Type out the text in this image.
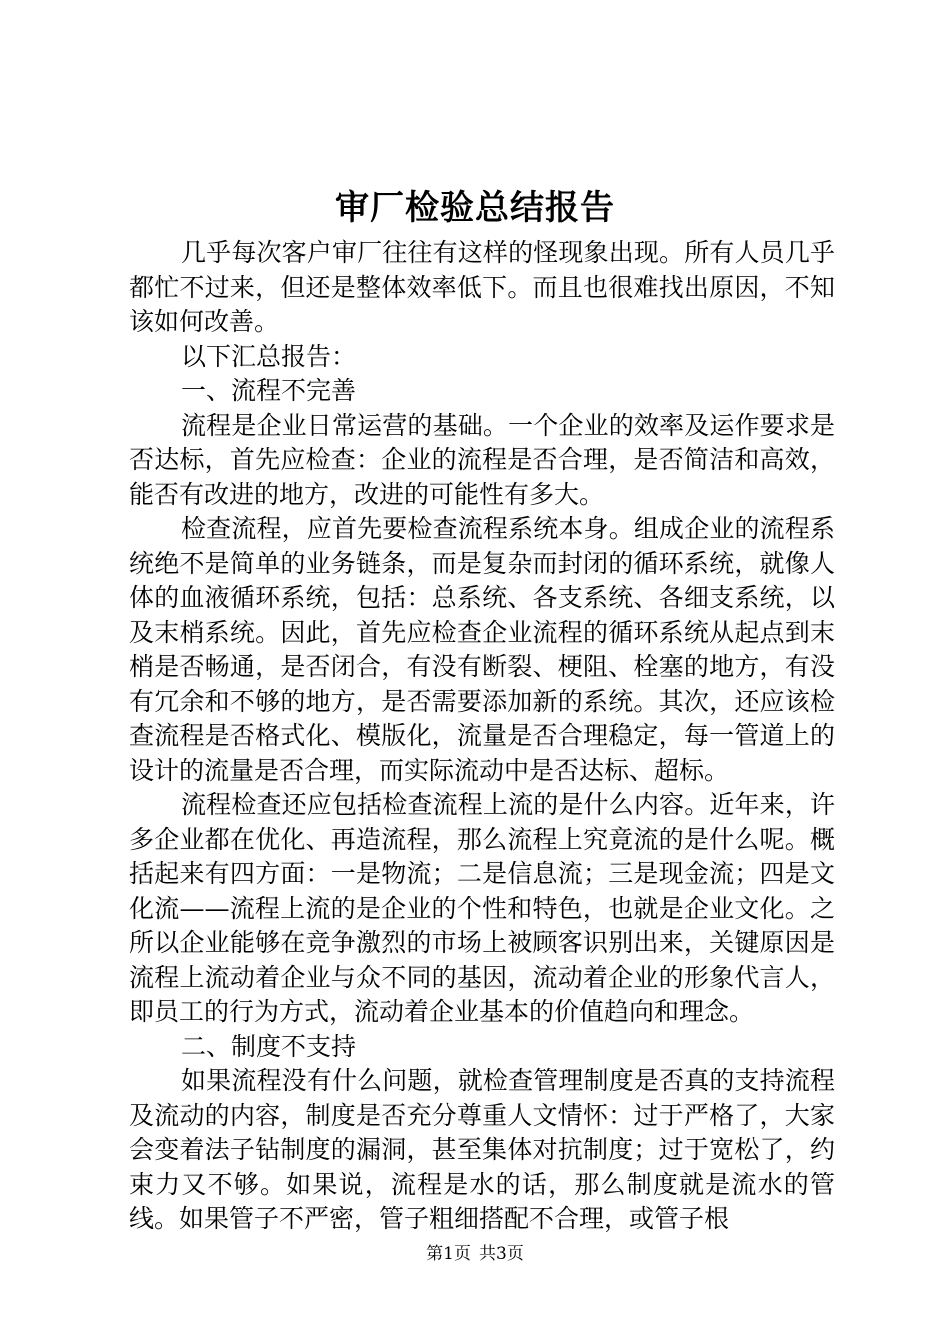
审厂检验总结报告

几乎每次客户审厂往往有这样的怪现象出现。所有人员几乎都忙不过来，但还是整体效率低下。而且也很难找出原因，不知该如何改善。

以下汇总报告：

一、流程不完善

流程是企业日常运营的基础。一个企业的效率及运作要求是否达标，首先应检查：企业的流程是否合理，是否简洁和高效，能否有改进的地方，改进的可能性有多大。

检查流程，应首先要检查流程系统本身。组成企业的流程系统绝不是简单的业务链条，而是复杂而封闭的循环系统，就像人体的血液循环系统，包括：总系统、各支系统、各细支系统，以及末梢系统。因此，首先应检查企业流程的循环系统从起点到末梢是否畅通，是否闭合，有没有断裂、梗阻、栓塞的地方，有没有冗余和不够的地方，是否需要添加新的系统。其次，还应该检查流程是否格式化、模版化，流量是否合理稳定，每一管道上的设计的流量是否合理，而实际流动中是否达标、超标。

流程检查还应包括检查流程上流的是什么内容。近年来，许多企业都在优化、再造流程，那么流程上究竟流的是什么呢。概括起来有四方面：一是物流；二是信息流；三是现金流；四是文化流——流程上流的是企业的个性和特色，也就是企业文化。之所以企业能够在竞争激烈的市场上被顾客识别出来，关键原因是流程上流动着企业与众不同的基因，流动着企业的形象代言人，即员工的行为方式，流动着企业基本的价值趋向和理念。

二、制度不支持

如果流程没有什么问题，就检查管理制度是否真的支持流程及流动的内容，制度是否充分尊重人文情怀：过于严格了，大家会变着法子钻制度的漏洞，甚至集体对抗制度；过于宽松了，约束力又不够。如果说，流程是水的话，那么制度就是流水的管线。如果管子不严密，管子粗细搭配不合理，或管子根

第1页 共3页
